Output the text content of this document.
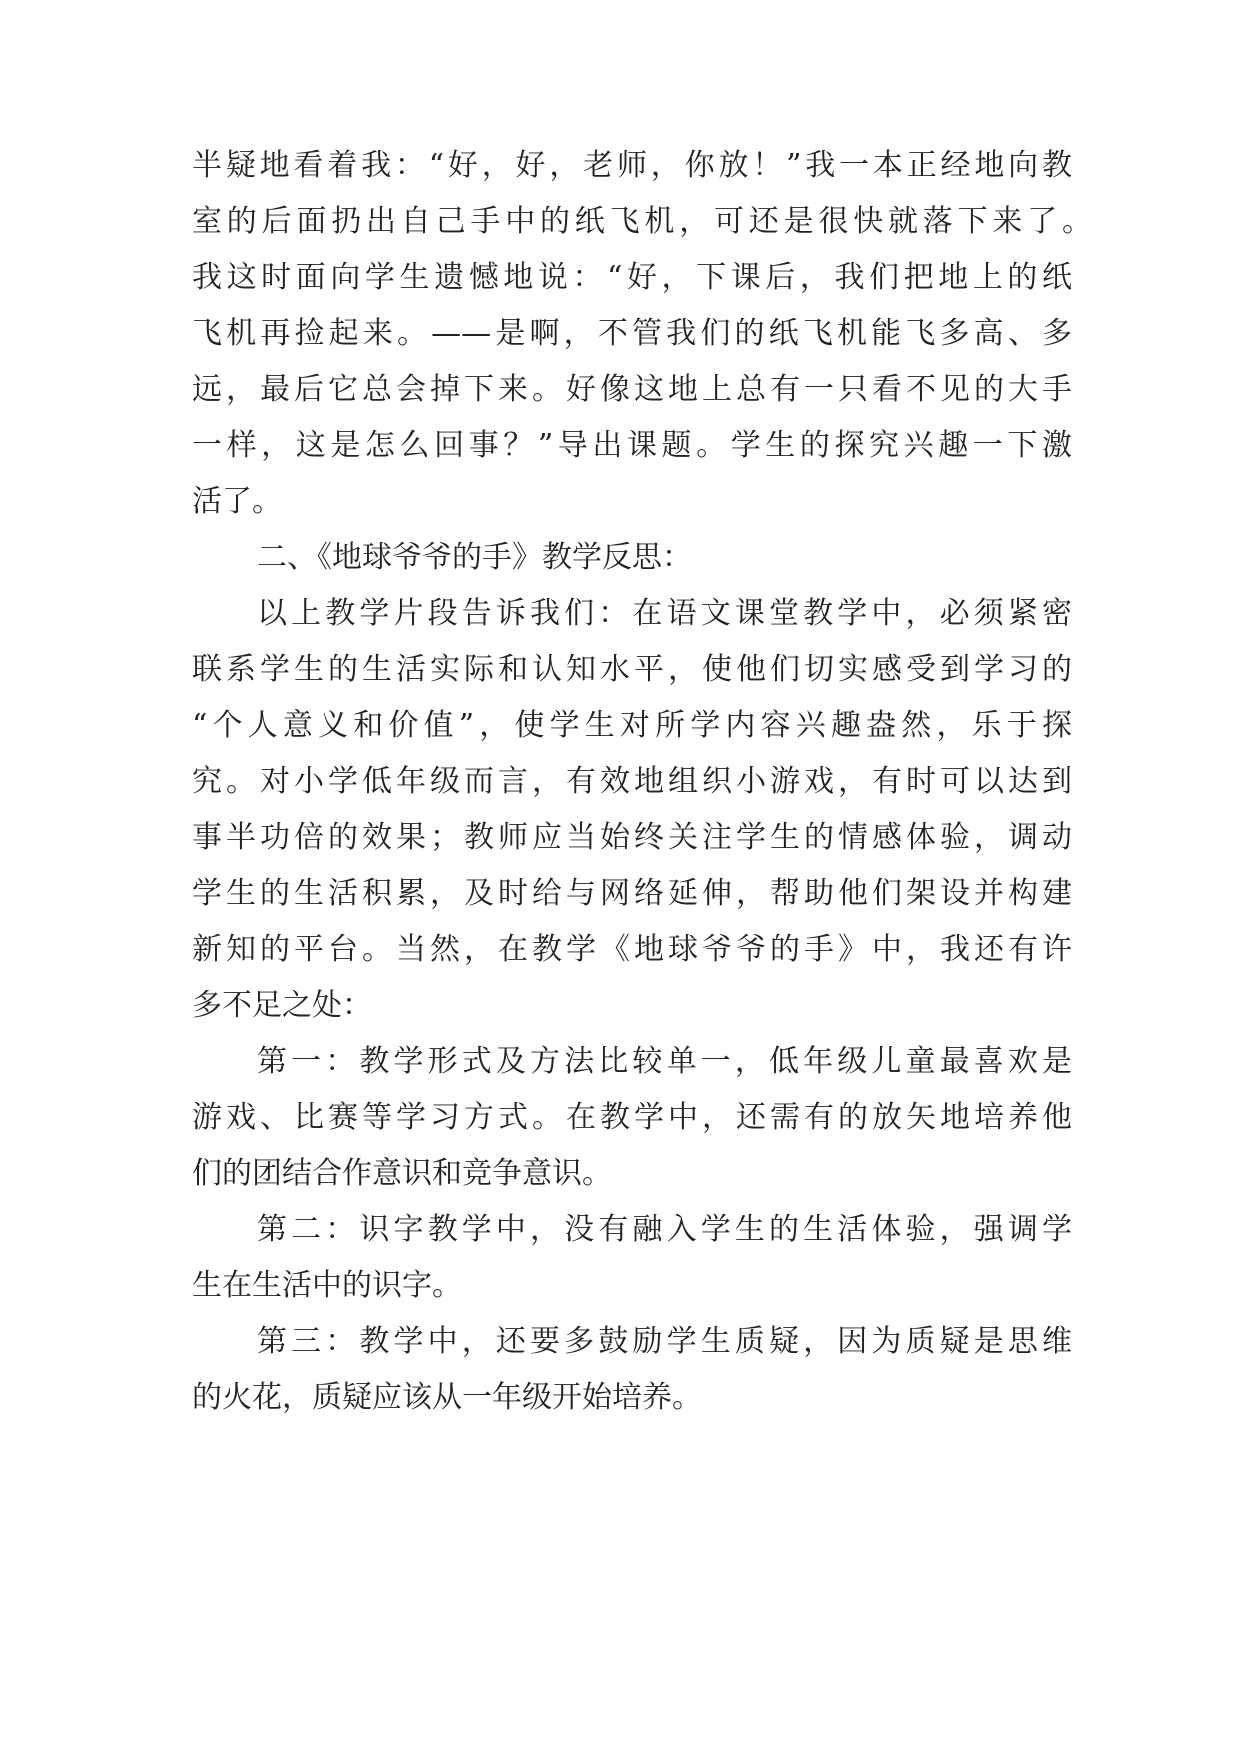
半疑地看着我：“好，好，老师，你放！”我一本正经地向教
室的后面扔出自己手中的纸飞机，可还是很快就落下来了。
我这时面向学生遗憾地说：“好，下课后，我们把地上的纸
飞机再捡起来。——是啊，不管我们的纸飞机能飞多高、多
远，最后它总会掉下来。好像这地上总有一只看不见的大手
一样，这是怎么回事？”导出课题。学生的探究兴趣一下激
活了。
二、《地球爷爷的手》教学反思：
以上教学片段告诉我们：在语文课堂教学中，必须紧密
联系学生的生活实际和认知水平，使他们切实感受到学习的
“个人意义和价值”，使学生对所学内容兴趣盎然，乐于探
究。对小学低年级而言，有效地组织小游戏，有时可以达到
事半功倍的效果；教师应当始终关注学生的情感体验，调动
学生的生活积累，及时给与网络延伸，帮助他们架设并构建
新知的平台。当然，在教学《地球爷爷的手》中，我还有许
多不足之处：
第一：教学形式及方法比较单一，低年级儿童最喜欢是
游戏、比赛等学习方式。在教学中，还需有的放矢地培养他
们的团结合作意识和竞争意识。
第二：识字教学中，没有融入学生的生活体验，强调学
生在生活中的识字。
第三：教学中，还要多鼓励学生质疑，因为质疑是思维
的火花，质疑应该从一年级开始培养。
